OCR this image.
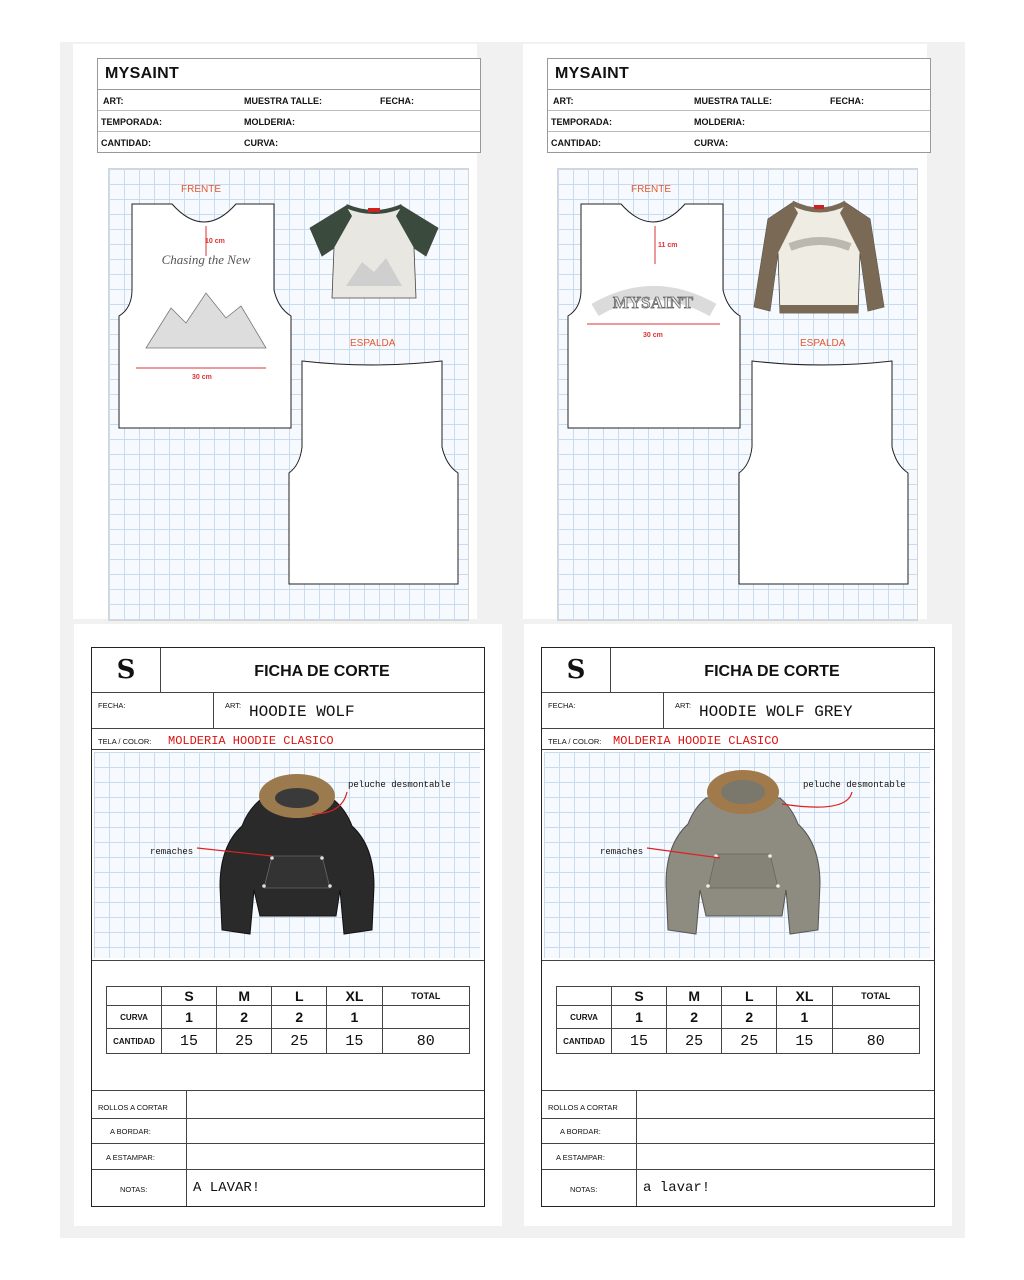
MYSAINT
ART:	MUESTRA TALLE:	FECHA:
TEMPORADA:	MOLDERIA:
CANTIDAD:	CURVA:
FRENTE
Chasing the New
10 cm
30 cm
ESPALDA
MYSAINT
ART:	MUESTRA TALLE:	FECHA:
TEMPORADA:	MOLDERIA:
CANTIDAD:	CURVA:
FRENTE
MYSAINT
11 cm
30 cm
ESPALDA
S	FICHA DE CORTE
FECHA:	ART: HOODIE WOLF
TELA / COLOR: MOLDERIA HOODIE CLASICO
peluche desmontable
remaches
	S	M	L	XL	TOTAL
CURVA	1	2	2	1	
CANTIDAD	15	25	25	15	80
ROLLOS A CORTAR
A BORDAR:
A ESTAMPAR:
NOTAS:	A LAVAR!
S	FICHA DE CORTE
FECHA:	ART: HOODIE WOLF GREY
TELA / COLOR: MOLDERIA HOODIE CLASICO
peluche desmontable
remaches
	S	M	L	XL	TOTAL
CURVA	1	2	2	1	
CANTIDAD	15	25	25	15	80
ROLLOS A CORTAR
A BORDAR:
A ESTAMPAR:
NOTAS:	a lavar!
